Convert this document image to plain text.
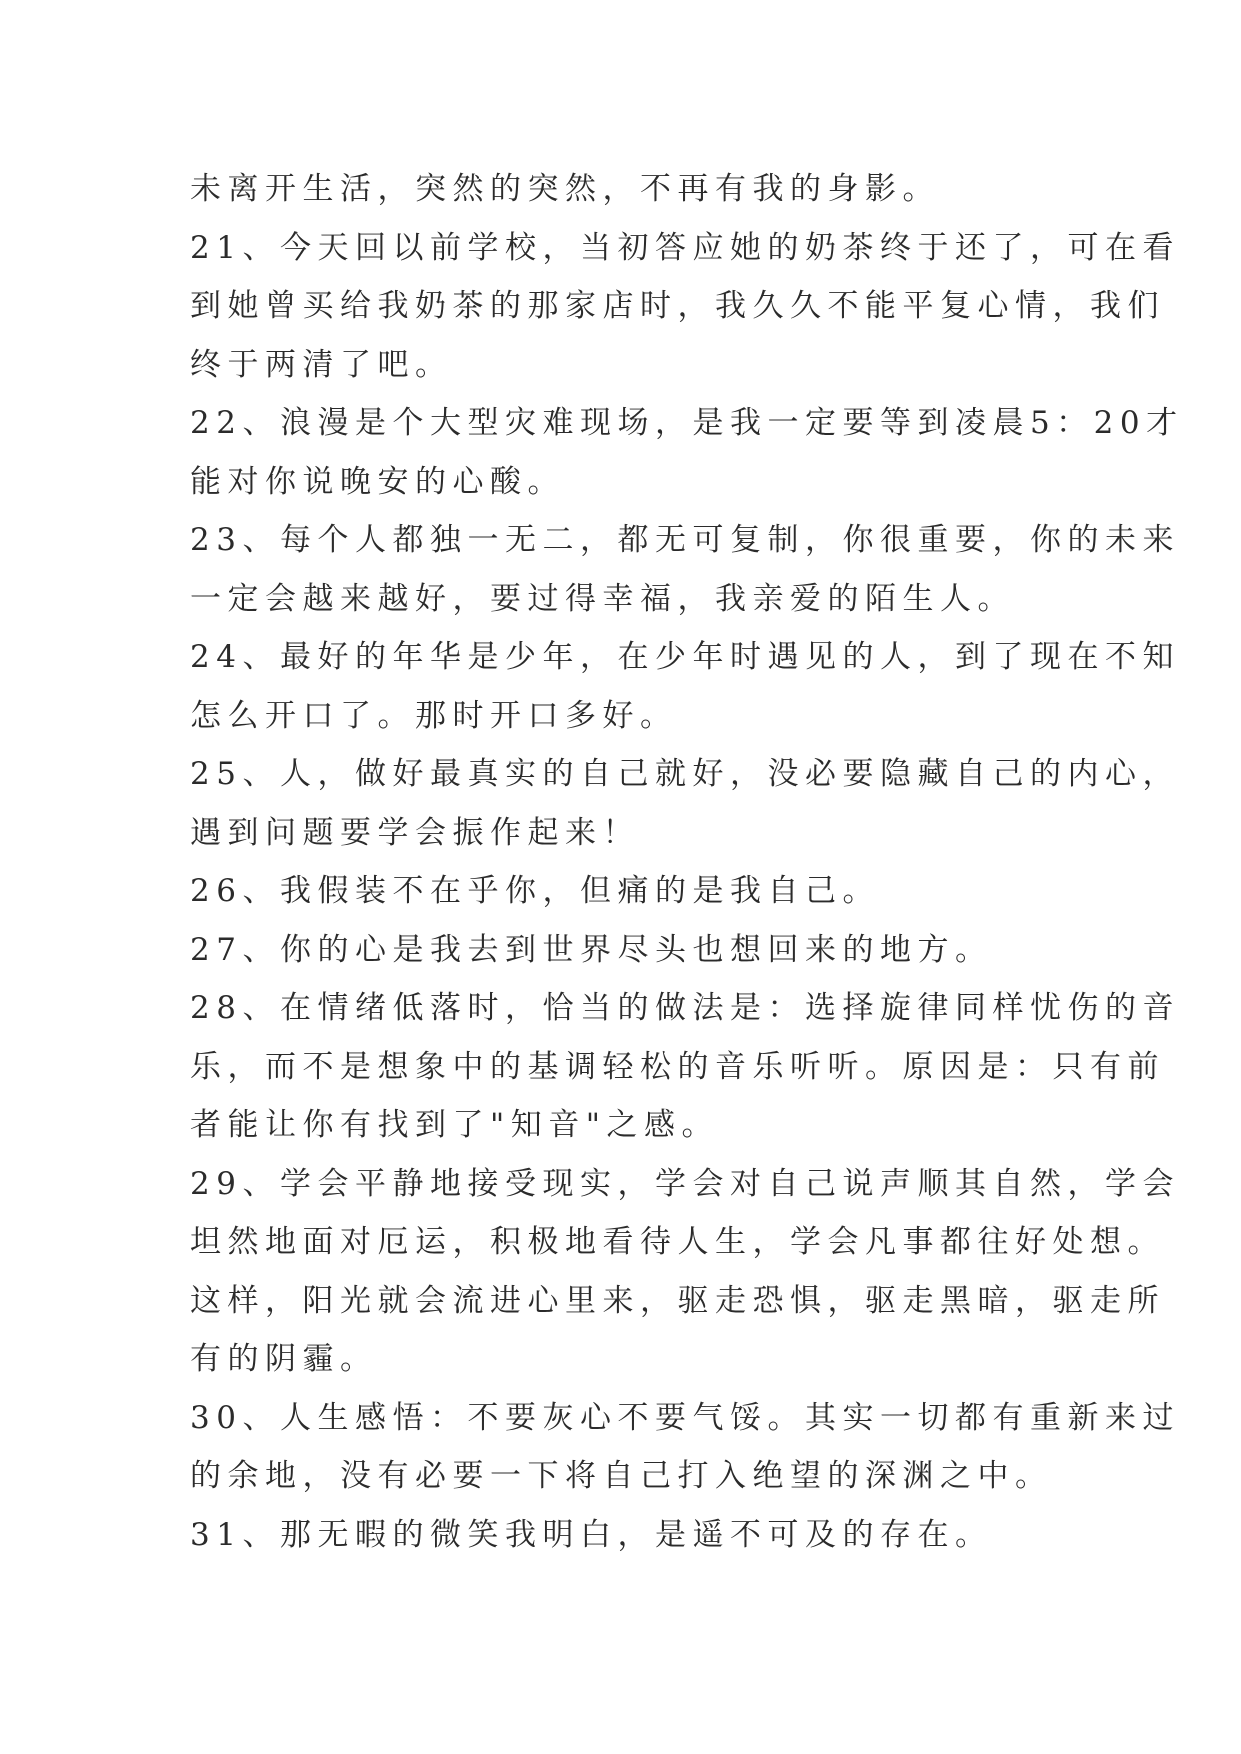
未离开生活，突然的突然，不再有我的身影。
21、今天回以前学校，当初答应她的奶茶终于还了，可在看
到她曾买给我奶茶的那家店时，我久久不能平复心情，我们
终于两清了吧。
22、浪漫是个大型灾难现场，是我一定要等到凌晨5：20才
能对你说晚安的心酸。
23、每个人都独一无二，都无可复制，你很重要，你的未来
一定会越来越好，要过得幸福，我亲爱的陌生人。
24、最好的年华是少年，在少年时遇见的人，到了现在不知
怎么开口了。那时开口多好。
25、人，做好最真实的自己就好，没必要隐藏自己的内心，
遇到问题要学会振作起来！
26、我假装不在乎你，但痛的是我自己。
27、你的心是我去到世界尽头也想回来的地方。
28、在情绪低落时，恰当的做法是：选择旋律同样忧伤的音
乐，而不是想象中的基调轻松的音乐听听。原因是：只有前
者能让你有找到了"知音"之感。
29、学会平静地接受现实，学会对自己说声顺其自然，学会
坦然地面对厄运，积极地看待人生，学会凡事都往好处想。
这样，阳光就会流进心里来，驱走恐惧，驱走黑暗，驱走所
有的阴霾。
30、人生感悟：不要灰心不要气馁。其实一切都有重新来过
的余地，没有必要一下将自己打入绝望的深渊之中。
31、那无暇的微笑我明白，是遥不可及的存在。
